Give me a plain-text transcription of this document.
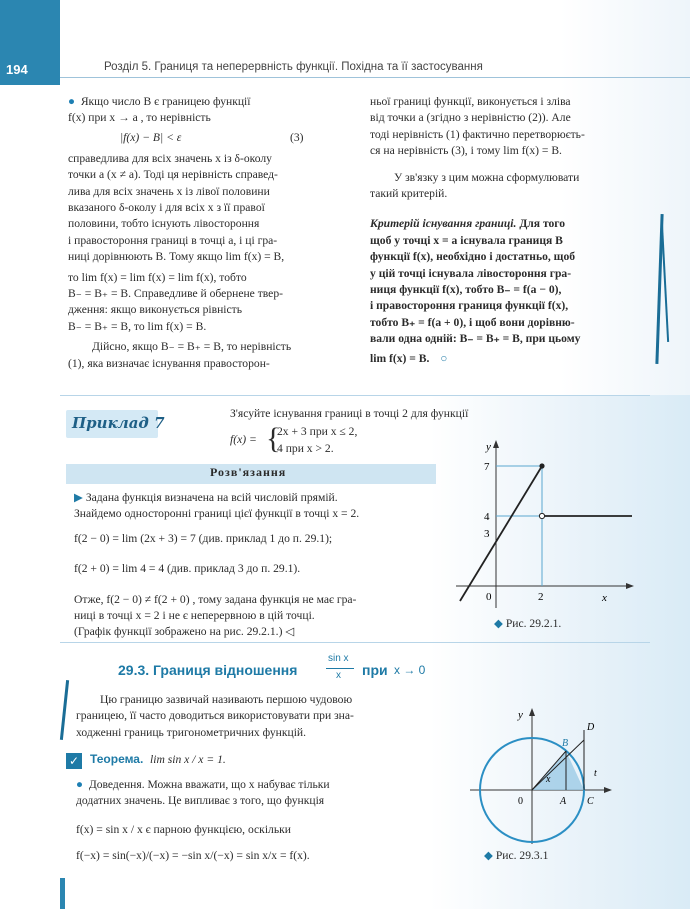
194	Розділ 5. Границя та неперервність функції. Похідна та її застосування

● Якщо число B є границею функції

f(x) при x → a , то нерівність

|f(x) − B| < ε	(3)

справедлива для всіх значень x із δ-околу

точки a (x ≠ a). Тоді ця нерівність справед-

лива для всіх значень x із лівої половини

вказаного δ-околу і для всіх x з її правої

половини, тобто існують лівостороння

і правостороння границі в точці a, і ці гра-

ниці дорівнюють B. Тому якщо lim f(x) = B,

то lim f(x) = lim f(x) = lim f(x), тобто

B₋ = B₊ = B. Справедливе й обернене твер-

дження: якщо виконується рівність

B₋ = B₊ = B, то lim f(x) = B.

Дійсно, якщо B₋ = B₊ = B, то нерівність

(1), яка визначає існування правосторон-

ньої границі функції, виконується і зліва

від точки a (згідно з нерівністю (2)). Але

тоді нерівність (1) фактично перетворюєть-

ся на нерівність (3), і тому lim f(x) = B.

У зв'язку з цим можна сформулювати

такий критерій.

Критерій існування границі. Для того

щоб у точці x = a існувала границя B

функції f(x), необхідно і достатньо, щоб

у цій точці існувала лівостороння гра-

ниця функції f(x), тобто B₋ = f(a − 0),

і правостороння границя функції f(x),

тобто B₊ = f(a + 0), і щоб вони дорівню-

вали одна одній: B₋ = B₊ = B, при цьому

lim f(x) = B. ○

Приклад 7
З'ясуйте існування границі в точці 2 для функції
f(x) = {
2x + 3 при x ≤ 2,
4 при x > 2.
Розв'язання

▶ Задана функція визначена на всій числовій прямій.

Знайдемо односторонні границі цієї функції в точці x = 2.

f(2 − 0) = lim (2x + 3) = 7 (див. приклад 1 до п. 29.1);

f(2 + 0) = lim 4 = 4 (див. приклад 3 до п. 29.1).

Отже, f(2 − 0) ≠ f(2 + 0) , тому задана функція не має гра-

ниці в точці x = 2 і не є неперервною в цій точці.

(Графік функції зображено на рис. 29.2.1.) ◁

y
x
7
4
3
0	2
◆ Рис. 29.2.1.
29.3. Границя відношення
sin x
x при x → 0

Цю границю зазвичай називають першою чудовою

границею, її часто доводиться використовувати при зна-

ходженні границь тригонометричних функцій.

✓ Теорема. lim sin x / x = 1.

● Доведення. Можна вважати, що x набуває тільки

додатних значень. Це випливає з того, що функція

f(x) = sin x / x є парною функцією, оскільки

f(−x) = sin(−x)/(−x) = −sin x/(−x) = sin x/x = f(x).

y
D
B
t
x
0	A C
◆ Рис. 29.3.1
